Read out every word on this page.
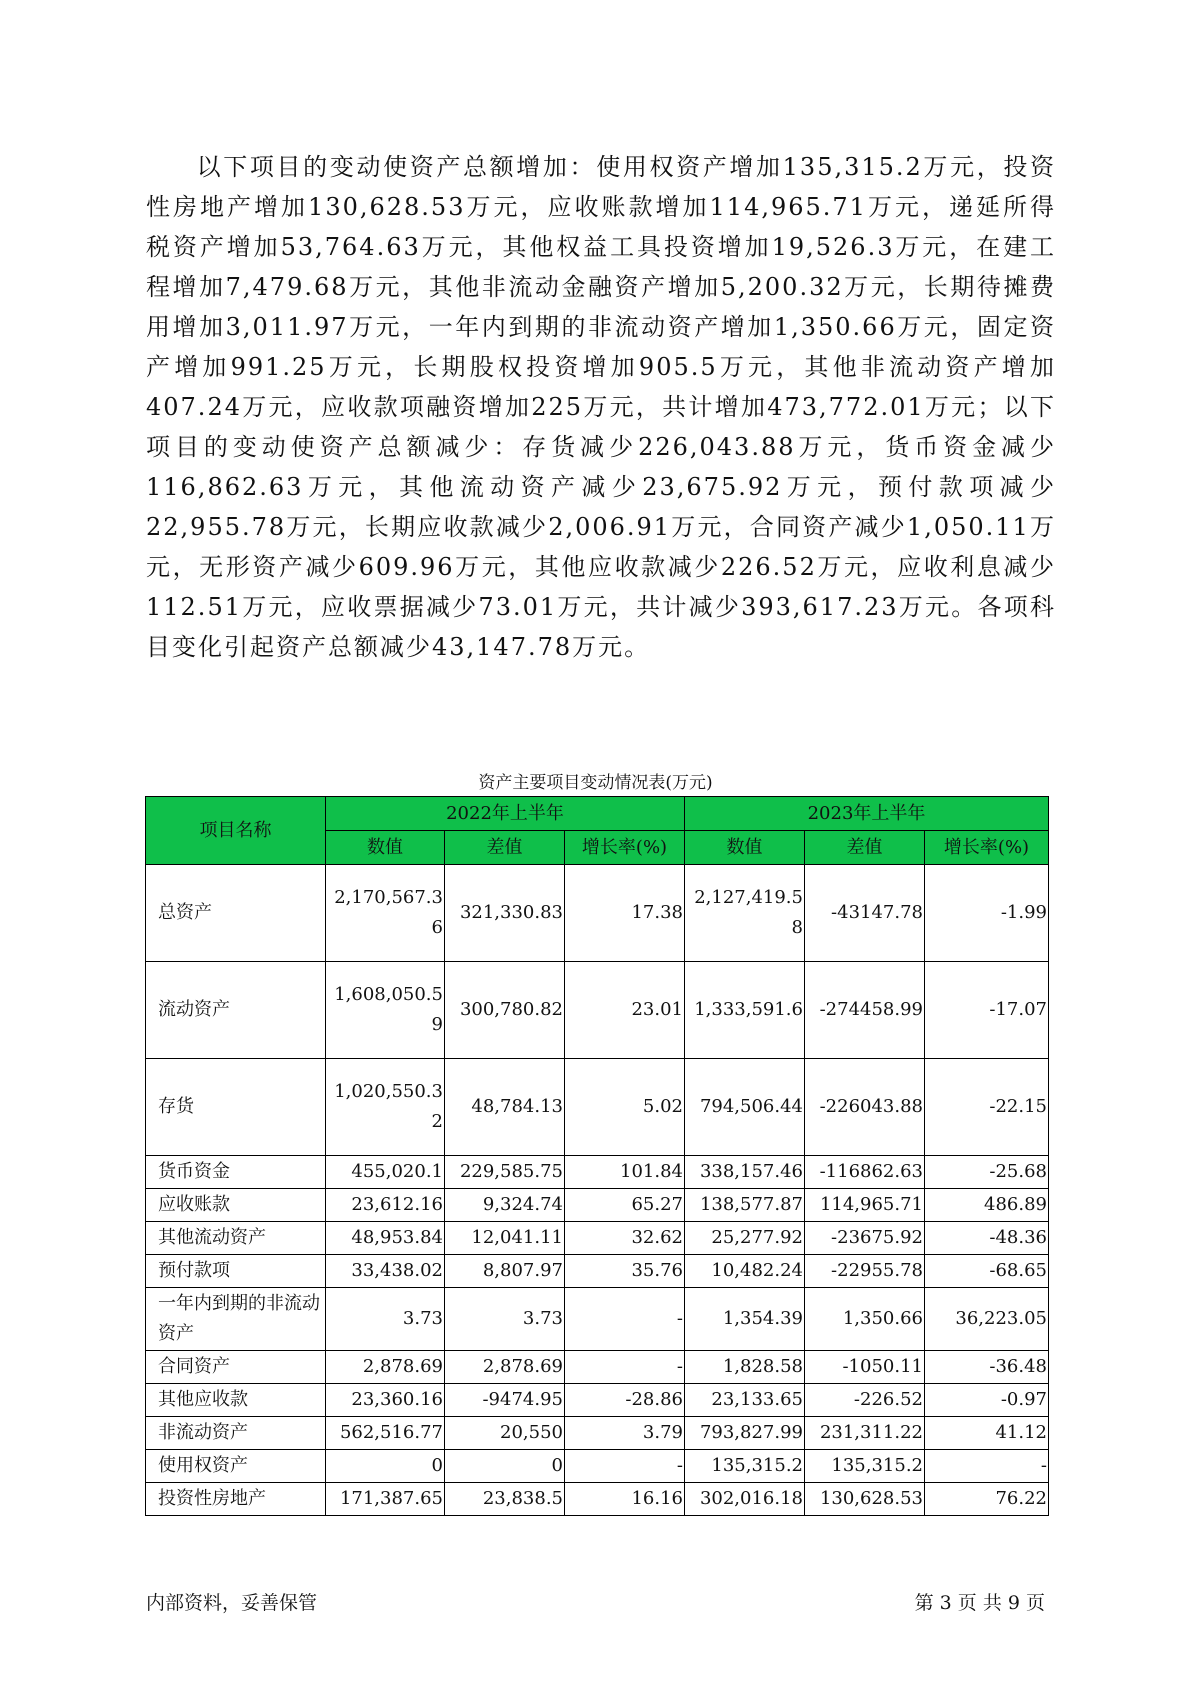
以下项目的变动使资产总额增加：使用权资产增加135,315.2万元，投资性房地产增加130,628.53万元，应收账款增加114,965.71万元，递延所得税资产增加53,764.63万元，其他权益工具投资增加19,526.3万元，在建工程增加7,479.68万元，其他非流动金融资产增加5,200.32万元，长期待摊费用增加3,011.97万元，一年内到期的非流动资产增加1,350.66万元，固定资产增加991.25万元，长期股权投资增加905.5万元，其他非流动资产增加407.24万元，应收款项融资增加225万元，共计增加473,772.01万元；以下项目的变动使资产总额减少：存货减少226,043.88万元，货币资金减少116,862.63万元，其他流动资产减少23,675.92万元，预付款项减少22,955.78万元，长期应收款减少2,006.91万元，合同资产减少1,050.11万元，无形资产减少609.96万元，其他应收款减少226.52万元，应收利息减少112.51万元，应收票据减少73.01万元，共计减少393,617.23万元。各项科目变化引起资产总额减少43,147.78万元。

资产主要项目变动情况表(万元)
项目名称	2022年上半年			2023年上半年		
	数值	差值	增长率(%)	数值	差值	增长率(%)
总资产	2,170,567.36	321,330.83	17.38	2,127,419.58	-43147.78	-1.99
流动资产	1,608,050.59	300,780.82	23.01	1,333,591.6	-274458.99	-17.07
存货	1,020,550.32	48,784.13	5.02	794,506.44	-226043.88	-22.15
货币资金	455,020.1	229,585.75	101.84	338,157.46	-116862.63	-25.68
应收账款	23,612.16	9,324.74	65.27	138,577.87	114,965.71	486.89
其他流动资产	48,953.84	12,041.11	32.62	25,277.92	-23675.92	-48.36
预付款项	33,438.02	8,807.97	35.76	10,482.24	-22955.78	-68.65
一年内到期的非流动资产	3.73	3.73	-	1,354.39	1,350.66	36,223.05
合同资产	2,878.69	2,878.69	-	1,828.58	-1050.11	-36.48
其他应收款	23,360.16	-9474.95	-28.86	23,133.65	-226.52	-0.97
非流动资产	562,516.77	20,550	3.79	793,827.99	231,311.22	41.12
使用权资产	0	0	-	135,315.2	135,315.2	-
投资性房地产	171,387.65	23,838.5	16.16	302,016.18	130,628.53	76.22
内部资料，妥善保管	第 3 页 共 9 页
